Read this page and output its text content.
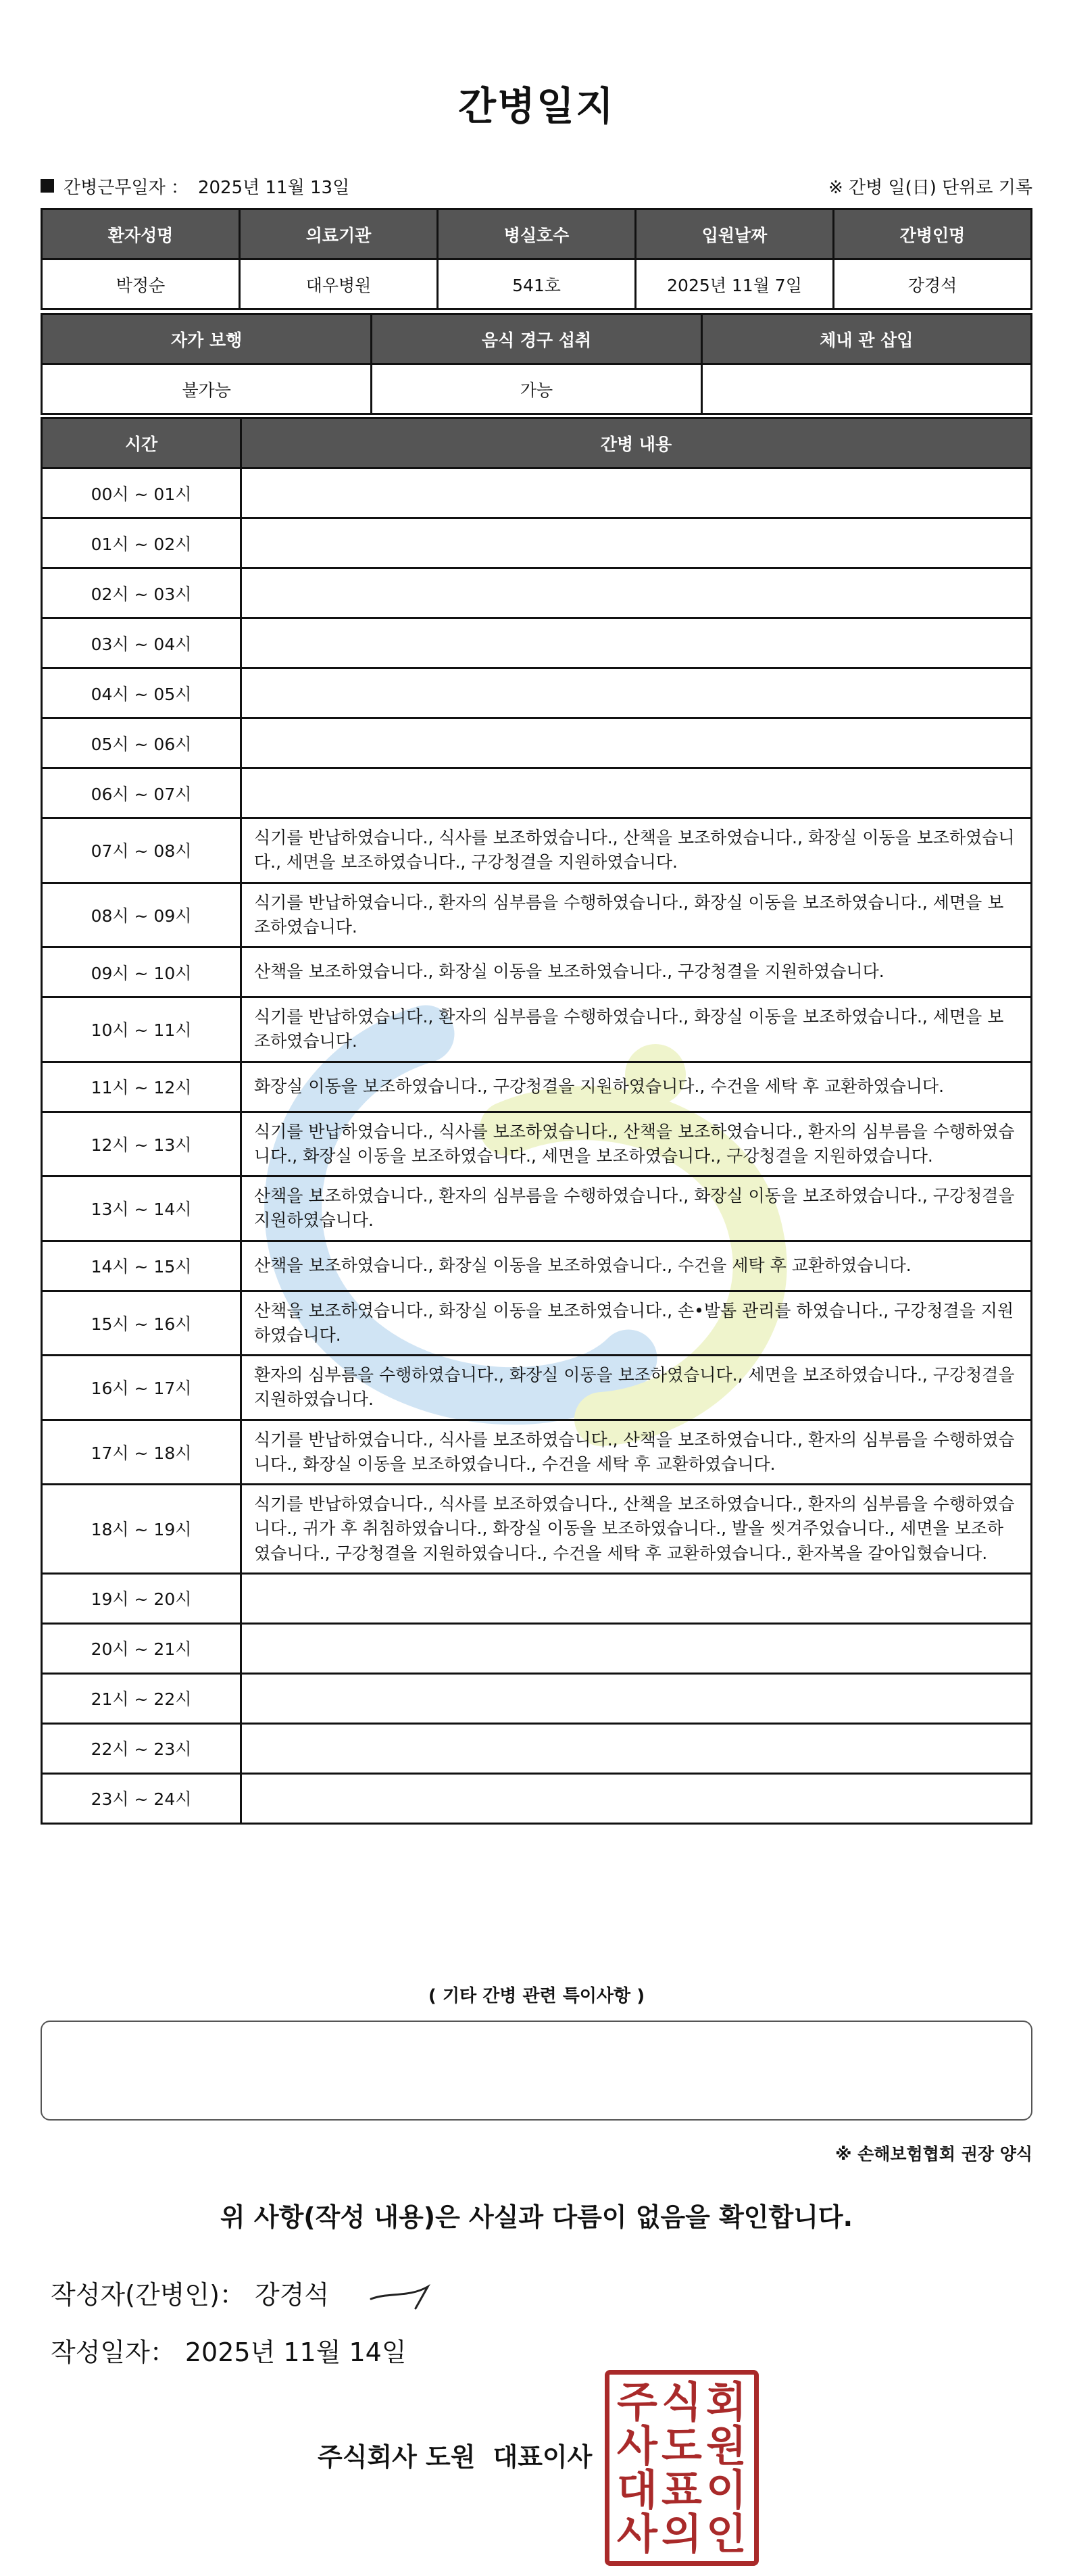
간병일지
간병근무일자 ： 2025년 11월 13일	※ 간병 일(日) 단위로 기록
환자성명	의료기관	병실호수	입원날짜	간병인명
박정순	대우병원	541호	2025년 11월 7일	강경석
자가 보행	음식 경구 섭취	체내 관 삽입
불가능	가능	
시간	간병 내용
00시 ~ 01시	
01시 ~ 02시	
02시 ~ 03시	
03시 ~ 04시	
04시 ~ 05시	
05시 ~ 06시	
06시 ~ 07시	
07시 ~ 08시	식기를 반납하였습니다., 식사를 보조하였습니다., 산책을 보조하였습니다., 화장실 이동을 보조하였습니다., 세면을 보조하였습니다., 구강청결을 지원하였습니다.
08시 ~ 09시	식기를 반납하였습니다., 환자의 심부름을 수행하였습니다., 화장실 이동을 보조하였습니다., 세면을 보조하였습니다.
09시 ~ 10시	산책을 보조하였습니다., 화장실 이동을 보조하였습니다., 구강청결을 지원하였습니다.
10시 ~ 11시	식기를 반납하였습니다., 환자의 심부름을 수행하였습니다., 화장실 이동을 보조하였습니다., 세면을 보조하였습니다.
11시 ~ 12시	화장실 이동을 보조하였습니다., 구강청결을 지원하였습니다., 수건을 세탁 후 교환하였습니다.
12시 ~ 13시	식기를 반납하였습니다., 식사를 보조하였습니다., 산책을 보조하였습니다., 환자의 심부름을 수행하였습니다., 화장실 이동을 보조하였습니다., 세면을 보조하였습니다., 구강청결을 지원하였습니다.
13시 ~ 14시	산책을 보조하였습니다., 환자의 심부름을 수행하였습니다., 화장실 이동을 보조하였습니다., 구강청결을 지원하였습니다.
14시 ~ 15시	산책을 보조하였습니다., 화장실 이동을 보조하였습니다., 수건을 세탁 후 교환하였습니다.
15시 ~ 16시	산책을 보조하였습니다., 화장실 이동을 보조하였습니다., 손•발톱 관리를 하였습니다., 구강청결을 지원하였습니다.
16시 ~ 17시	환자의 심부름을 수행하였습니다., 화장실 이동을 보조하였습니다., 세면을 보조하였습니다., 구강청결을 지원하였습니다.
17시 ~ 18시	식기를 반납하였습니다., 식사를 보조하였습니다., 산책을 보조하였습니다., 환자의 심부름을 수행하였습니다., 화장실 이동을 보조하였습니다., 수건을 세탁 후 교환하였습니다.
18시 ~ 19시	식기를 반납하였습니다., 식사를 보조하였습니다., 산책을 보조하였습니다., 환자의 심부름을 수행하였습니다., 귀가 후 취침하였습니다., 화장실 이동을 보조하였습니다., 발을 씻겨주었습니다., 세면을 보조하였습니다., 구강청결을 지원하였습니다., 수건을 세탁 후 교환하였습니다., 환자복을 갈아입혔습니다.
19시 ~ 20시	
20시 ~ 21시	
21시 ~ 22시	
22시 ~ 23시	
23시 ~ 24시	
( 기타 간병 관련 특이사항 )
※ 손해보험협회 권장 양식
위 사항(작성 내용)은 사실과 다름이 없음을 확인합니다.
작성자(간병인)： 강경석
작성일자： 2025년 11월 14일
주식회사 도원 대표이사
주 식 회
사 도 원
대 표 이
사 의 인
